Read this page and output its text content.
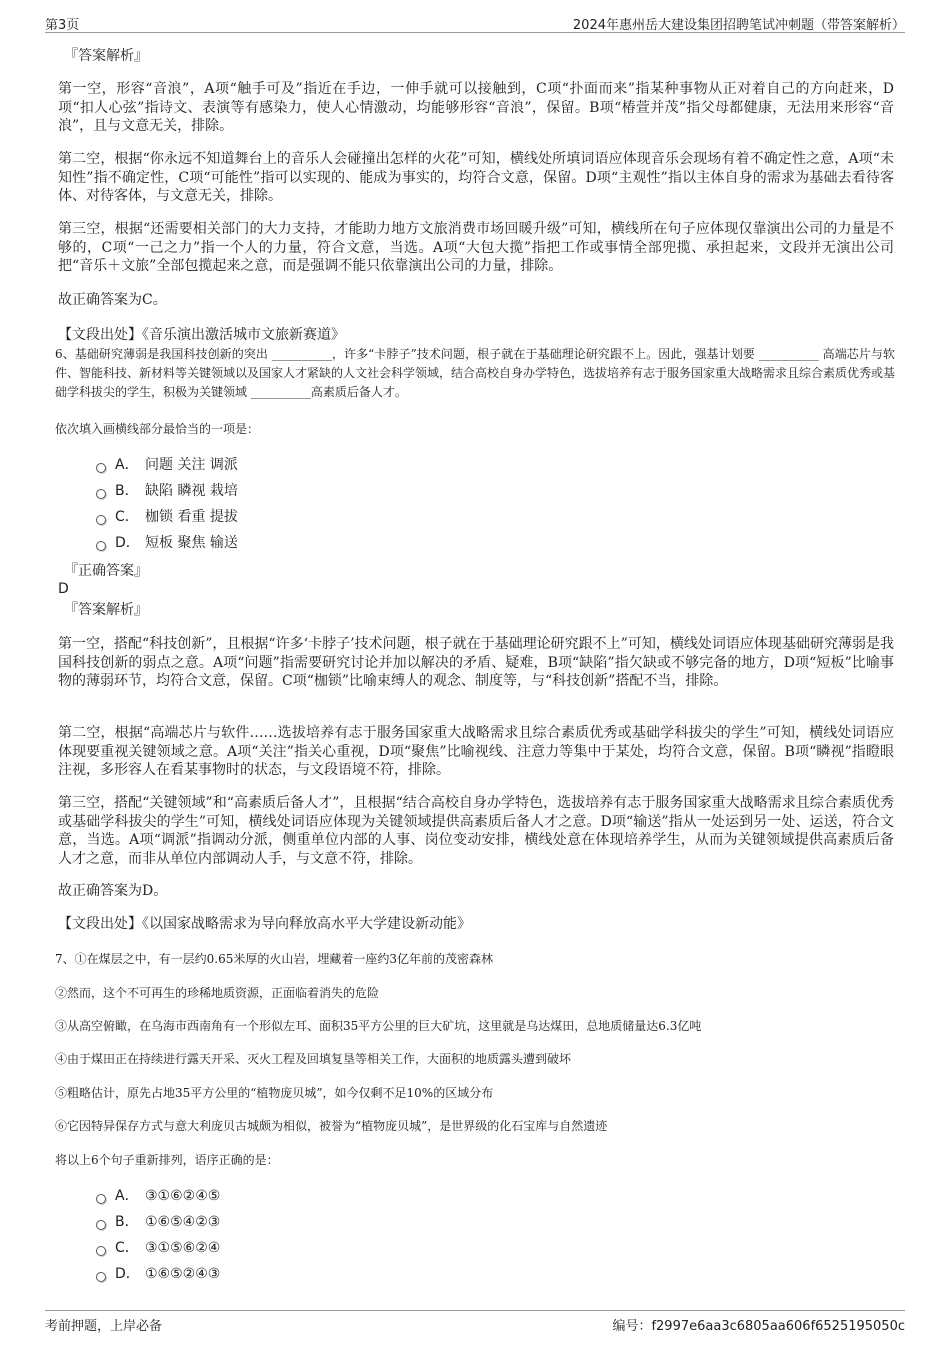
第3页	2024年惠州岳大建设集团招聘笔试冲刺题（带答案解析）
『答案解析』
第一空，形容“音浪”，A项“触手可及”指近在手边，一伸手就可以接触到，C项“扑面而来”指某种事物从正对着自己的方向赶来，D项“扣人心弦”指诗文、表演等有感染力，使人心情激动，均能够形容“音浪”，保留。B项“椿萱并茂”指父母都健康，无法用来形容“音浪”，且与文意无关，排除。
第二空，根据“你永远不知道舞台上的音乐人会碰撞出怎样的火花”可知，横线处所填词语应体现音乐会现场有着不确定性之意，A项“未知性”指不确定性，C项“可能性”指可以实现的、能成为事实的，均符合文意，保留。D项“主观性”指以主体自身的需求为基础去看待客体、对待客体，与文意无关，排除。
第三空，根据“还需要相关部门的大力支持，才能助力地方文旅消费市场回暖升级”可知，横线所在句子应体现仅靠演出公司的力量是不够的，C项“一己之力”指一个人的力量，符合文意，当选。A项“大包大揽”指把工作或事情全部兜揽、承担起来，文段并无演出公司把“音乐＋文旅”全部包揽起来之意，而是强调不能只依靠演出公司的力量，排除。
故正确答案为C。
【文段出处】《音乐演出激活城市文旅新赛道》
6、基础研究薄弱是我国科技创新的突出 __________，许多“卡脖子”技术问题，根子就在于基础理论研究跟不上。因此，强基计划要 __________ 高端芯片与软件、智能科技、新材料等关键领域以及国家人才紧缺的人文社会科学领域，结合高校自身办学特色，选拔培养有志于服务国家重大战略需求且综合素质优秀或基础学科拔尖的学生，积极为关键领域 __________高素质后备人才。
依次填入画横线部分最恰当的一项是：
A． 问题 关注 调派
B． 缺陷 瞵视 栽培
C． 枷锁 看重 提拔
D． 短板 聚焦 输送
『正确答案』
D
『答案解析』
第一空，搭配“科技创新”，且根据“许多‘卡脖子’技术问题，根子就在于基础理论研究跟不上”可知，横线处词语应体现基础研究薄弱是我国科技创新的弱点之意。A项“问题”指需要研究讨论并加以解决的矛盾、疑难，B项“缺陷”指欠缺或不够完备的地方，D项“短板”比喻事物的薄弱环节，均符合文意，保留。C项“枷锁”比喻束缚人的观念、制度等，与“科技创新”搭配不当，排除。
第二空，根据“高端芯片与软件……选拔培养有志于服务国家重大战略需求且综合素质优秀或基础学科拔尖的学生”可知，横线处词语应体现要重视关键领域之意。A项“关注”指关心重视，D项“聚焦”比喻视线、注意力等集中于某处，均符合文意，保留。B项“瞵视”指瞪眼注视，多形容人在看某事物时的状态，与文段语境不符，排除。
第三空，搭配“关键领域”和“高素质后备人才”，且根据“结合高校自身办学特色，选拔培养有志于服务国家重大战略需求且综合素质优秀或基础学科拔尖的学生”可知，横线处词语应体现为关键领域提供高素质后备人才之意。D项“输送”指从一处运到另一处、运送，符合文意，当选。A项“调派”指调动分派，侧重单位内部的人事、岗位变动安排，横线处意在体现培养学生，从而为关键领域提供高素质后备人才之意，而非从单位内部调动人手，与文意不符，排除。
故正确答案为D。
【文段出处】《以国家战略需求为导向释放高水平大学建设新动能》
7、①在煤层之中，有一层约0.65米厚的火山岩，埋藏着一座约3亿年前的茂密森林
②然而，这个不可再生的珍稀地质资源，正面临着消失的危险
③从高空俯瞰，在乌海市西南角有一个形似左耳、面积35平方公里的巨大矿坑，这里就是乌达煤田，总地质储量达6.3亿吨
④由于煤田正在持续进行露天开采、灭火工程及回填复垦等相关工作，大面积的地质露头遭到破坏
⑤粗略估计，原先占地35平方公里的“植物庞贝城”，如今仅剩不足10%的区域分布
⑥它因特异保存方式与意大利庞贝古城颇为相似，被誉为“植物庞贝城”，是世界级的化石宝库与自然遗迹
将以上6个句子重新排列，语序正确的是：
A． ③①⑥②④⑤
B． ①⑥⑤④②③
C． ③①⑤⑥②④
D． ①⑥⑤②④③
考前押题，上岸必备	编号：f2997e6aa3c6805aa606f6525195050c
